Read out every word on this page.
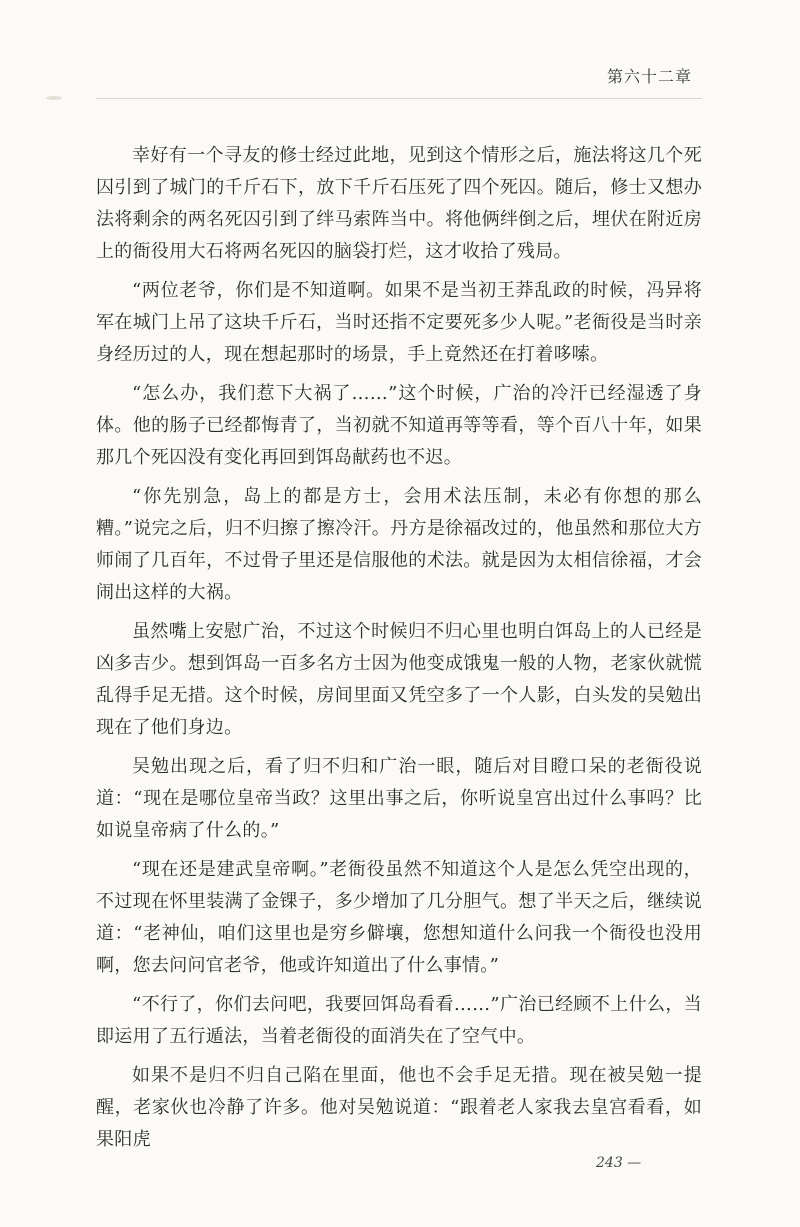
第六十二章

幸好有一个寻友的修士经过此地，见到这个情形之后，施法将这几个死囚引到了城门的千斤石下，放下千斤石压死了四个死囚。随后，修士又想办法将剩余的两名死囚引到了绊马索阵当中。将他俩绊倒之后，埋伏在附近房上的衙役用大石将两名死囚的脑袋打烂，这才收拾了残局。

“两位老爷，你们是不知道啊。如果不是当初王莽乱政的时候，冯异将军在城门上吊了这块千斤石，当时还指不定要死多少人呢。”老衙役是当时亲身经历过的人，现在想起那时的场景，手上竟然还在打着哆嗦。

“怎么办，我们惹下大祸了……”这个时候，广治的冷汗已经湿透了身体。他的肠子已经都悔青了，当初就不知道再等等看，等个百八十年，如果那几个死囚没有变化再回到饵岛献药也不迟。

“你先别急，岛上的都是方士，会用术法压制，未必有你想的那么糟。”说完之后，归不归擦了擦冷汗。丹方是徐福改过的，他虽然和那位大方师闹了几百年，不过骨子里还是信服他的术法。就是因为太相信徐福，才会闹出这样的大祸。

虽然嘴上安慰广治，不过这个时候归不归心里也明白饵岛上的人已经是凶多吉少。想到饵岛一百多名方士因为他变成饿鬼一般的人物，老家伙就慌乱得手足无措。这个时候，房间里面又凭空多了一个人影，白头发的吴勉出现在了他们身边。

吴勉出现之后，看了归不归和广治一眼，随后对目瞪口呆的老衙役说道：“现在是哪位皇帝当政？这里出事之后，你听说皇宫出过什么事吗？比如说皇帝病了什么的。”

“现在还是建武皇帝啊。”老衙役虽然不知道这个人是怎么凭空出现的，不过现在怀里装满了金锞子，多少增加了几分胆气。想了半天之后，继续说道：“老神仙，咱们这里也是穷乡僻壤，您想知道什么问我一个衙役也没用啊，您去问问官老爷，他或许知道出了什么事情。”

“不行了，你们去问吧，我要回饵岛看看……”广治已经顾不上什么，当即运用了五行遁法，当着老衙役的面消失在了空气中。

如果不是归不归自己陷在里面，他也不会手足无措。现在被吴勉一提醒，老家伙也冷静了许多。他对吴勉说道：“跟着老人家我去皇宫看看，如果阳虎

243 —
